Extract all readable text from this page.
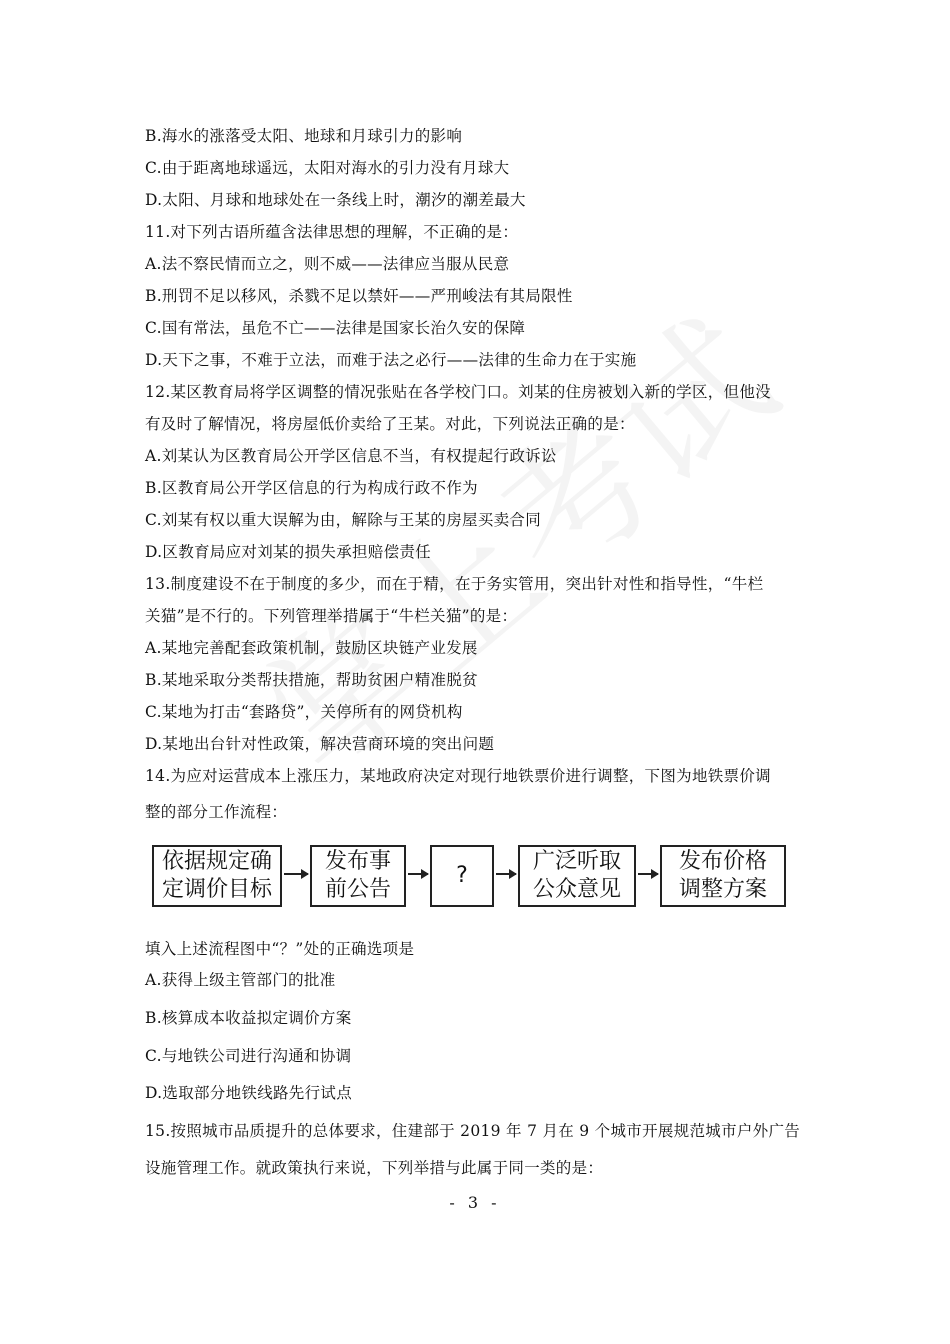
B.海水的涨落受太阳、地球和月球引力的影响
C.由于距离地球遥远，太阳对海水的引力没有月球大
D.太阳、月球和地球处在一条线上时，潮汐的潮差最大
11.对下列古语所蕴含法律思想的理解，不正确的是：
A.法不察民情而立之，则不威——法律应当服从民意
B.刑罚不足以移风，杀戮不足以禁奸——严刑峻法有其局限性
C.国有常法，虽危不亡——法律是国家长治久安的保障
D.天下之事，不难于立法，而难于法之必行——法律的生命力在于实施
12.某区教育局将学区调整的情况张贴在各学校门口。刘某的住房被划入新的学区，但他没
有及时了解情况，将房屋低价卖给了王某。对此，下列说法正确的是：
A.刘某认为区教育局公开学区信息不当，有权提起行政诉讼
B.区教育局公开学区信息的行为构成行政不作为
C.刘某有权以重大误解为由，解除与王某的房屋买卖合同
D.区教育局应对刘某的损失承担赔偿责任
13.制度建设不在于制度的多少，而在于精，在于务实管用，突出针对性和指导性，“牛栏
关猫”是不行的。下列管理举措属于“牛栏关猫”的是：
A.某地完善配套政策机制，鼓励区块链产业发展
B.某地采取分类帮扶措施，帮助贫困户精准脱贫
C.某地为打击“套路贷”，关停所有的网贷机构
D.某地出台针对性政策，解决营商环境的突出问题
14.为应对运营成本上涨压力，某地政府决定对现行地铁票价进行调整，下图为地铁票价调
整的部分工作流程：
依据规定确
定调价目标
发布事
前公告
?
广泛听取
公众意见
发布价格
调整方案
填入上述流程图中“？”处的正确选项是
A.获得上级主管部门的批准
B.核算成本收益拟定调价方案
C.与地铁公司进行沟通和协调
D.选取部分地铁线路先行试点
15.按照城市品质提升的总体要求，住建部于 2019 年 7 月在 9 个城市开展规范城市户外广告
设施管理工作。就政策执行来说，下列举措与此属于同一类的是：
- 3 -
